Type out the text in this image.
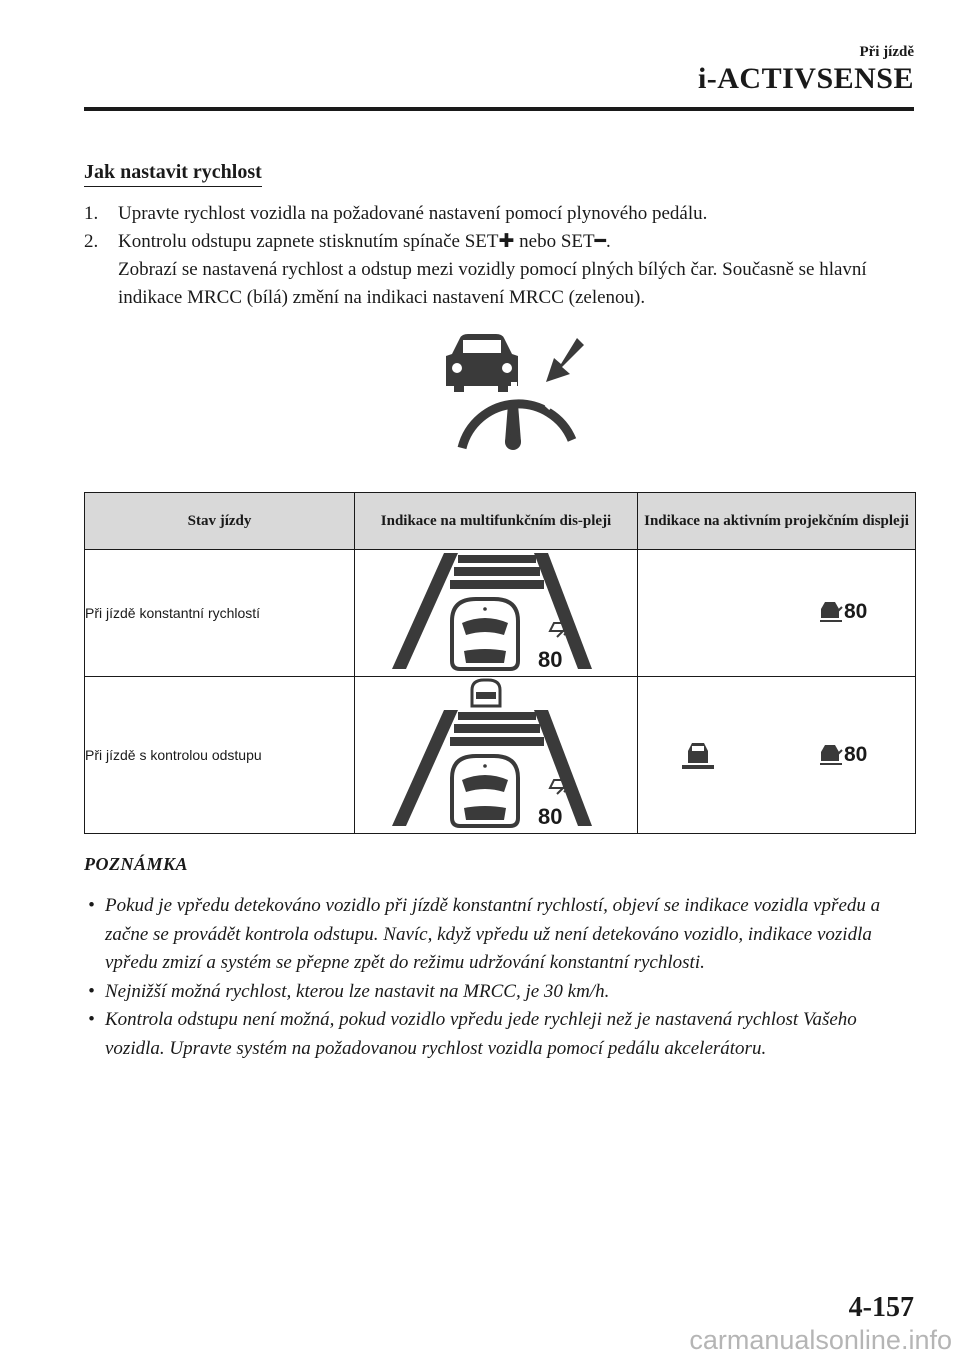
Při jízdě
i-ACTIVSENSE
Jak nastavit rychlost
1. Upravte rychlost vozidla na požadované nastavení pomocí plynového pedálu.
2. Kontrolu odstupu zapnete stisknutím spínače SET✚ nebo SET━.
Zobrazí se nastavená rychlost a odstup mezi vozidly pomocí plných bílých čar. Současně se hlavní indikace MRCC (bílá) změní na indikaci nastavení MRCC (zelenou).
Stav jízdy	Indikace na multifunkčním dis-pleji	Indikace na aktivním projekčním displeji
Při jízdě konstantní rychlostí	80	80

Při jízdě s kontrolou odstupu	80	80
POZNÁMKA
• Pokud je vpředu detekováno vozidlo při jízdě konstantní rychlostí, objeví se indikace vozidla vpředu a začne se provádět kontrola odstupu. Navíc, když vpředu už není detekováno vozidlo, indikace vozidla vpředu zmizí a systém se přepne zpět do režimu udržování konstantní rychlosti.
• Nejnižší možná rychlost, kterou lze nastavit na MRCC, je 30 km/h.
• Kontrola odstupu není možná, pokud vozidlo vpředu jede rychleji než je nastavená rychlost Vašeho vozidla. Upravte systém na požadovanou rychlost vozidla pomocí pedálu akcelerátoru.
4-157
carmanualsonline.info
